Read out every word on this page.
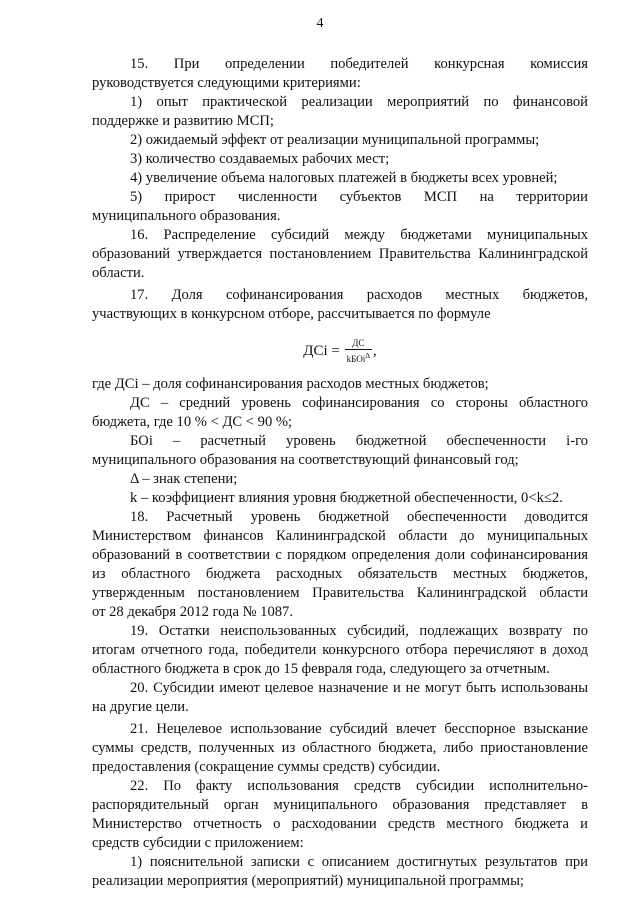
4

15. При определении победителей конкурсная комиссия

руководствуется следующими критериями:

1) опыт практической реализации мероприятий по финансовой

поддержке и развитию МСП;

2) ожидаемый эффект от реализации муниципальной программы;

3) количество создаваемых рабочих мест;

4) увеличение объема налоговых платежей в бюджеты всех уровней;

5) прирост численности субъектов МСП на территории

муниципального образования.

16. Распределение субсидий между бюджетами муниципальных

образований утверждается постановлением Правительства Калининградской

области.

17. Доля софинансирования расходов местных бюджетов,

участвующих в конкурсном отборе, рассчитывается по формуле

ДСi = $\frac{ДС}{kБОi^\Delta}$ ,

где ДСi – доля софинансирования расходов местных бюджетов;

ДС – средний уровень софинансирования со стороны областного

бюджета, где 10 % < ДС < 90 %;

БОi – расчетный уровень бюджетной обеспеченности i-го

муниципального образования на соответствующий финансовый год;

Δ – знак степени;

k – коэффициент влияния уровня бюджетной обеспеченности, 0<k≤2.

18. Расчетный уровень бюджетной обеспеченности доводится

Министерством финансов Калининградской области до муниципальных

образований в соответствии с порядком определения доли софинансирования

из областного бюджета расходных обязательств местных бюджетов,

утвержденным постановлением Правительства Калининградской области

от 28 декабря 2012 года № 1087.

19. Остатки неиспользованных субсидий, подлежащих возврату по

итогам отчетного года, победители конкурсного отбора перечисляют в доход

областного бюджета в срок до 15 февраля года, следующего за отчетным.

20. Субсидии имеют целевое назначение и не могут быть использованы

на другие цели.

21. Нецелевое использование субсидий влечет бесспорное взыскание

суммы средств, полученных из областного бюджета, либо приостановление

предоставления (сокращение суммы средств) субсидии.

22. По факту использования средств субсидии исполнительно-

распорядительный орган муниципального образования представляет в

Министерство отчетность о расходовании средств местного бюджета и

средств субсидии с приложением:

1) пояснительной записки с описанием достигнутых результатов при

реализации мероприятия (мероприятий) муниципальной программы;
